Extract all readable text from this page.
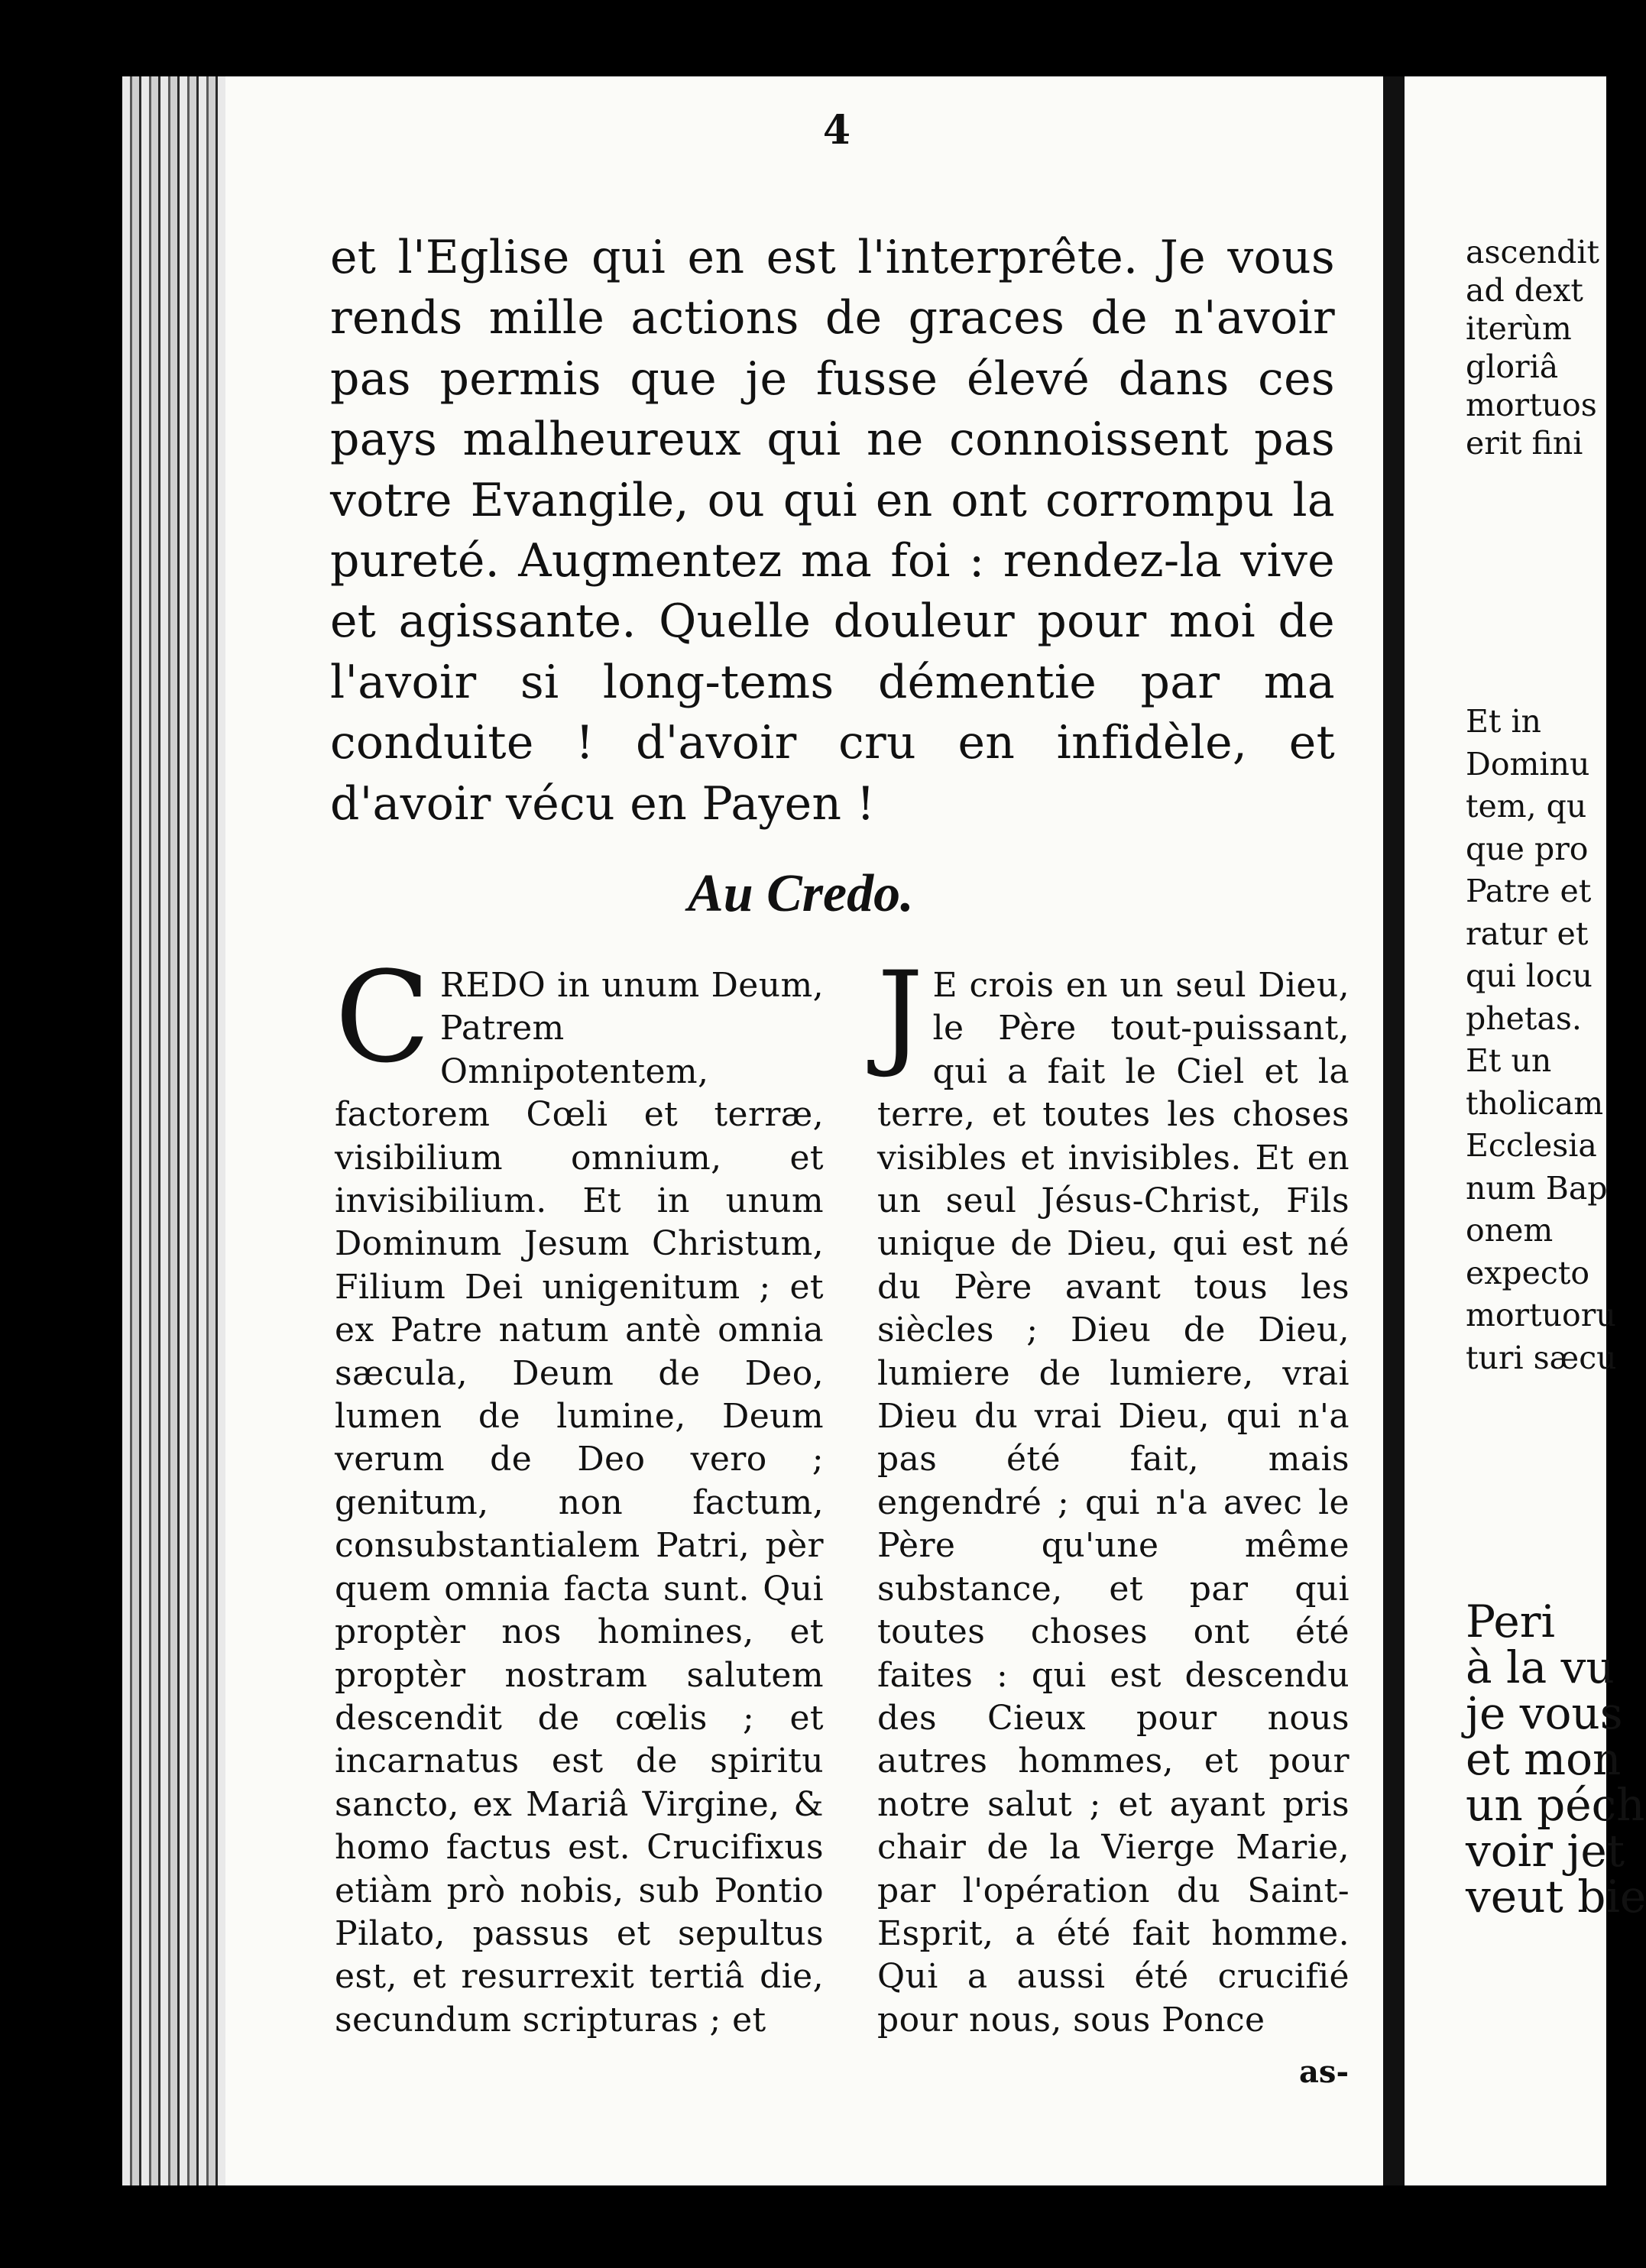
4

et l'Eglise qui en est l'interprête. Je vous rends mille actions de graces de n'avoir pas permis que je fusse élevé dans ces pays malheureux qui ne connoissent pas votre Evangile, ou qui en ont corrompu la pureté. Augmentez ma foi : rendez-la vive et agissante. Quelle douleur pour moi de l'avoir si long-tems démentie par ma conduite ! d'avoir cru en infidèle, et d'avoir vécu en Payen !

Au Credo.
CREDO in unum Deum, Patrem Omnipotentem, factorem Cœli et terræ, visibilium omnium, et invisibilium. Et in unum Dominum Jesum Christum, Filium Dei unigenitum ; et ex Patre natum antè omnia sæcula, Deum de Deo, lumen de lumine, Deum verum de Deo vero ; genitum, non factum, consubstantialem Patri, pèr quem omnia facta sunt. Qui proptèr nos homines, et proptèr nostram salutem descendit de cœlis ; et incarnatus est de spiritu sancto, ex Mariâ Virgine, & homo factus est. Crucifixus etiàm prò nobis, sub Pontio Pilato, passus et sepultus est, et resurrexit tertiâ die, secundum scripturas ; et
J E crois en un seul Dieu, le Père tout-puissant, qui a fait le Ciel et la terre, et toutes les choses visibles et invisibles. Et en un seul Jésus-Christ, Fils unique de Dieu, qui est né du Père avant tous les siècles ; Dieu de Dieu, lumiere de lumiere, vrai Dieu du vrai Dieu, qui n'a pas été fait, mais engendré ; qui n'a avec le Père qu'une même substance, et par qui toutes choses ont été faites : qui est descendu des Cieux pour nous autres hommes, et pour notre salut ; et ayant pris chair de la Vierge Marie, par l'opération du Saint-Esprit, a été fait homme. Qui a aussi été crucifié pour nous, sous Ponce
as-
ascendit
ad dext
iterùm
gloriâ
mortuos
erit fini
Et in
Dominu
tem, qu
que pro
Patre et
ratur et
qui locu
phetas.
Et un
tholicam
Ecclesia
num Bap
onem
expecto
mortuoru
turi sæcu
Peri
à la vu
je vous
et mon
un péch
voir jet
veut bie
